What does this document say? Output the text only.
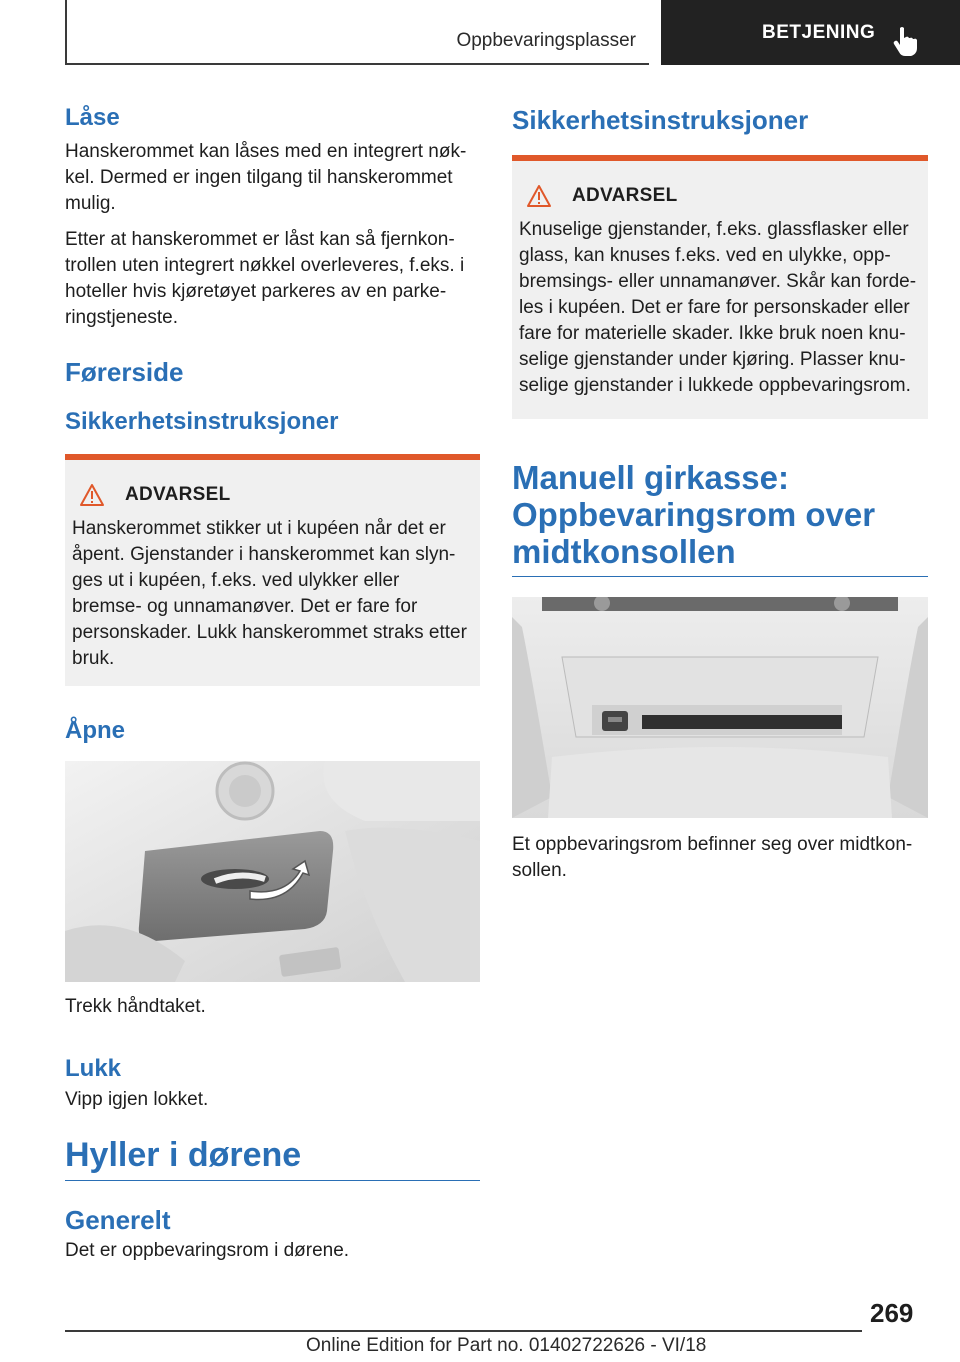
Oppbevaringsplasser	BETJENING
Låse

Hanskerommet kan låses med en integrert nøk-kel. Dermed er ingen tilgang til hanskerommet mulig.

Etter at hanskerommet er låst kan så fjernkon-trollen uten integrert nøkkel overleveres, f.eks. i hoteller hvis kjøretøyet parkeres av en parke-ringstjeneste.

Førerside
Sikkerhetsinstruksjoner
ADVARSEL
Hanskerommet stikker ut i kupéen når det er åpent. Gjenstander i hanskerommet kan slyn-ges ut i kupéen, f.eks. ved ulykker eller bremse- og unnamanøver. Det er fare for personskader. Lukk hanskerommet straks etter bruk.
Åpne

Trekk håndtaket.

Lukk

Vipp igjen lokket.

Hyller i dørene
Generelt

Det er oppbevaringsrom i dørene.

Sikkerhetsinstruksjoner
ADVARSEL
Knuselige gjenstander, f.eks. glassflasker eller glass, kan knuses f.eks. ved en ulykke, opp-bremsings- eller unnamanøver. Skår kan forde-les i kupéen. Det er fare for personskader eller fare for materielle skader. Ikke bruk noen knu-selige gjenstander under kjøring. Plasser knu-selige gjenstander i lukkede oppbevaringsrom.
Manuell girkasse: Oppbevaringsrom over midtkonsollen

Et oppbevaringsrom befinner seg over midtkon-sollen.

269
Online Edition for Part no. 01402722626 - VI/18
